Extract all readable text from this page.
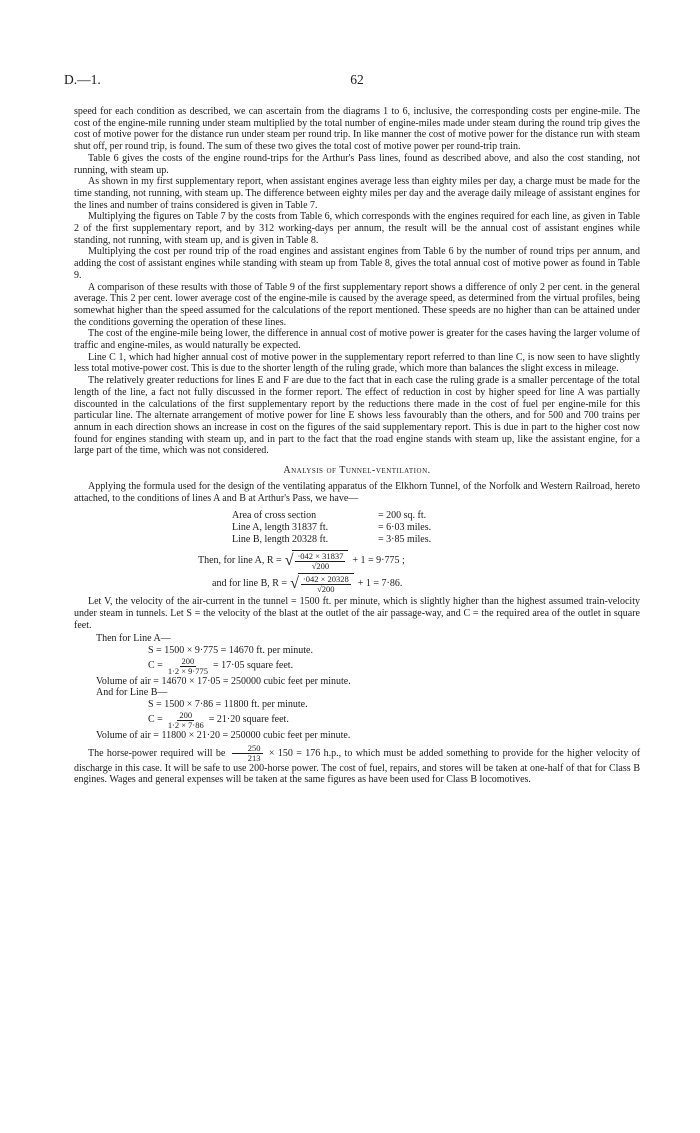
D.—1.	62

speed for each condition as described, we can ascertain from the diagrams 1 to 6, inclusive, the corresponding costs per engine-mile. The cost of the engine-mile running under steam multiplied by the total number of engine-miles made under steam during the round trip gives the cost of motive power for the distance run under steam per round trip. In like manner the cost of motive power for the distance run with steam shut off, per round trip, is found. The sum of these two gives the total cost of motive power per round-trip train.

Table 6 gives the costs of the engine round-trips for the Arthur's Pass lines, found as described above, and also the cost standing, not running, with steam up.

As shown in my first supplementary report, when assistant engines average less than eighty miles per day, a charge must be made for the time standing, not running, with steam up. The difference between eighty miles per day and the average daily mileage of assistant engines for the lines and number of trains considered is given in Table 7.

Multiplying the figures on Table 7 by the costs from Table 6, which corresponds with the engines required for each line, as given in Table 2 of the first supplementary report, and by 312 working-days per annum, the result will be the annual cost of assistant engines while standing, not running, with steam up, and is given in Table 8.

Multiplying the cost per round trip of the road engines and assistant engines from Table 6 by the number of round trips per annum, and adding the cost of assistant engines while standing with steam up from Table 8, gives the total annual cost of motive power as found in Table 9.

A comparison of these results with those of Table 9 of the first supplementary report shows a difference of only 2 per cent. in the general average. This 2 per cent. lower average cost of the engine-mile is caused by the average speed, as determined from the virtual profiles, being somewhat higher than the speed assumed for the calculations of the report mentioned. These speeds are no higher than can be attained under the conditions governing the operation of these lines.

The cost of the engine-mile being lower, the difference in annual cost of motive power is greater for the cases having the larger volume of traffic and engine-miles, as would naturally be expected.

Line C 1, which had higher annual cost of motive power in the supplementary report referred to than line C, is now seen to have slightly less total motive-power cost. This is due to the shorter length of the ruling grade, which more than balances the slight excess in mileage.

The relatively greater reductions for lines E and F are due to the fact that in each case the ruling grade is a smaller percentage of the total length of the line, a fact not fully discussed in the former report. The effect of reduction in cost by higher speed for line A was partially discounted in the calculations of the first supplementary report by the reductions there made in the cost of fuel per engine-mile for this particular line. The alternate arrangement of motive power for line E shows less favourably than the others, and for 500 and 700 trains per annum in each direction shows an increase in cost on the figures of the said supplementary report. This is due in part to the higher cost now found for engines standing with steam up, and in part to the fact that the road engine stands with steam up, like the assistant engine, for a large part of the time, which was not considered.

Analysis of Tunnel-ventilation.

Applying the formula used for the design of the ventilating apparatus of the Elkhorn Tunnel, of the Norfolk and Western Railroad, hereto attached, to the conditions of lines A and B at Arthur's Pass, we have—

Area of cross section	= 200 sq. ft.
Line A, length 31837 ft.	= 6·03 miles.
Line B, length 20328 ft.	= 3·85 miles.
Then, for line A, R = √ $\frac{\cdot 042 \times 31837}{√200} + 1 = 9\cdot 775$ ;
and for line B, R = √ $\frac{\cdot 042 \times 20328}{√200} + 1 = 7\cdot 86$.

Let V, the velocity of the air-current in the tunnel = 1500 ft. per minute, which is slightly higher than the highest assumed train-velocity under steam in tunnels. Let S = the velocity of the blast at the outlet of the air passage-way, and C = the required area of the outlet in square feet.

Then for Line A—

S = 1500 × 9·775 = 14670 ft. per minute.

$C = \frac{200}{1\cdot 2 \times 9\cdot 775} = 17\cdot 05$ square feet.

Volume of air = 14670 × 17·05 = 250000 cubic feet per minute.

And for Line B—

S = 1500 × 7·86 = 11800 ft. per minute.

$C = \frac{200}{1\cdot 2 \times 7\cdot 86} = 21\cdot 20$ square feet.

Volume of air = 11800 × 21·20 = 250000 cubic feet per minute.

The horse-power required will be $\frac{250}{213} \times 150 = 176$ h.p., to which must be added something to provide for the higher velocity of discharge in this case. It will be safe to use 200-horse power. The cost of fuel, repairs, and stores will be taken at one-half of that for Class B engines. Wages and general expenses will be taken at the same figures as have been used for Class B locomotives.
